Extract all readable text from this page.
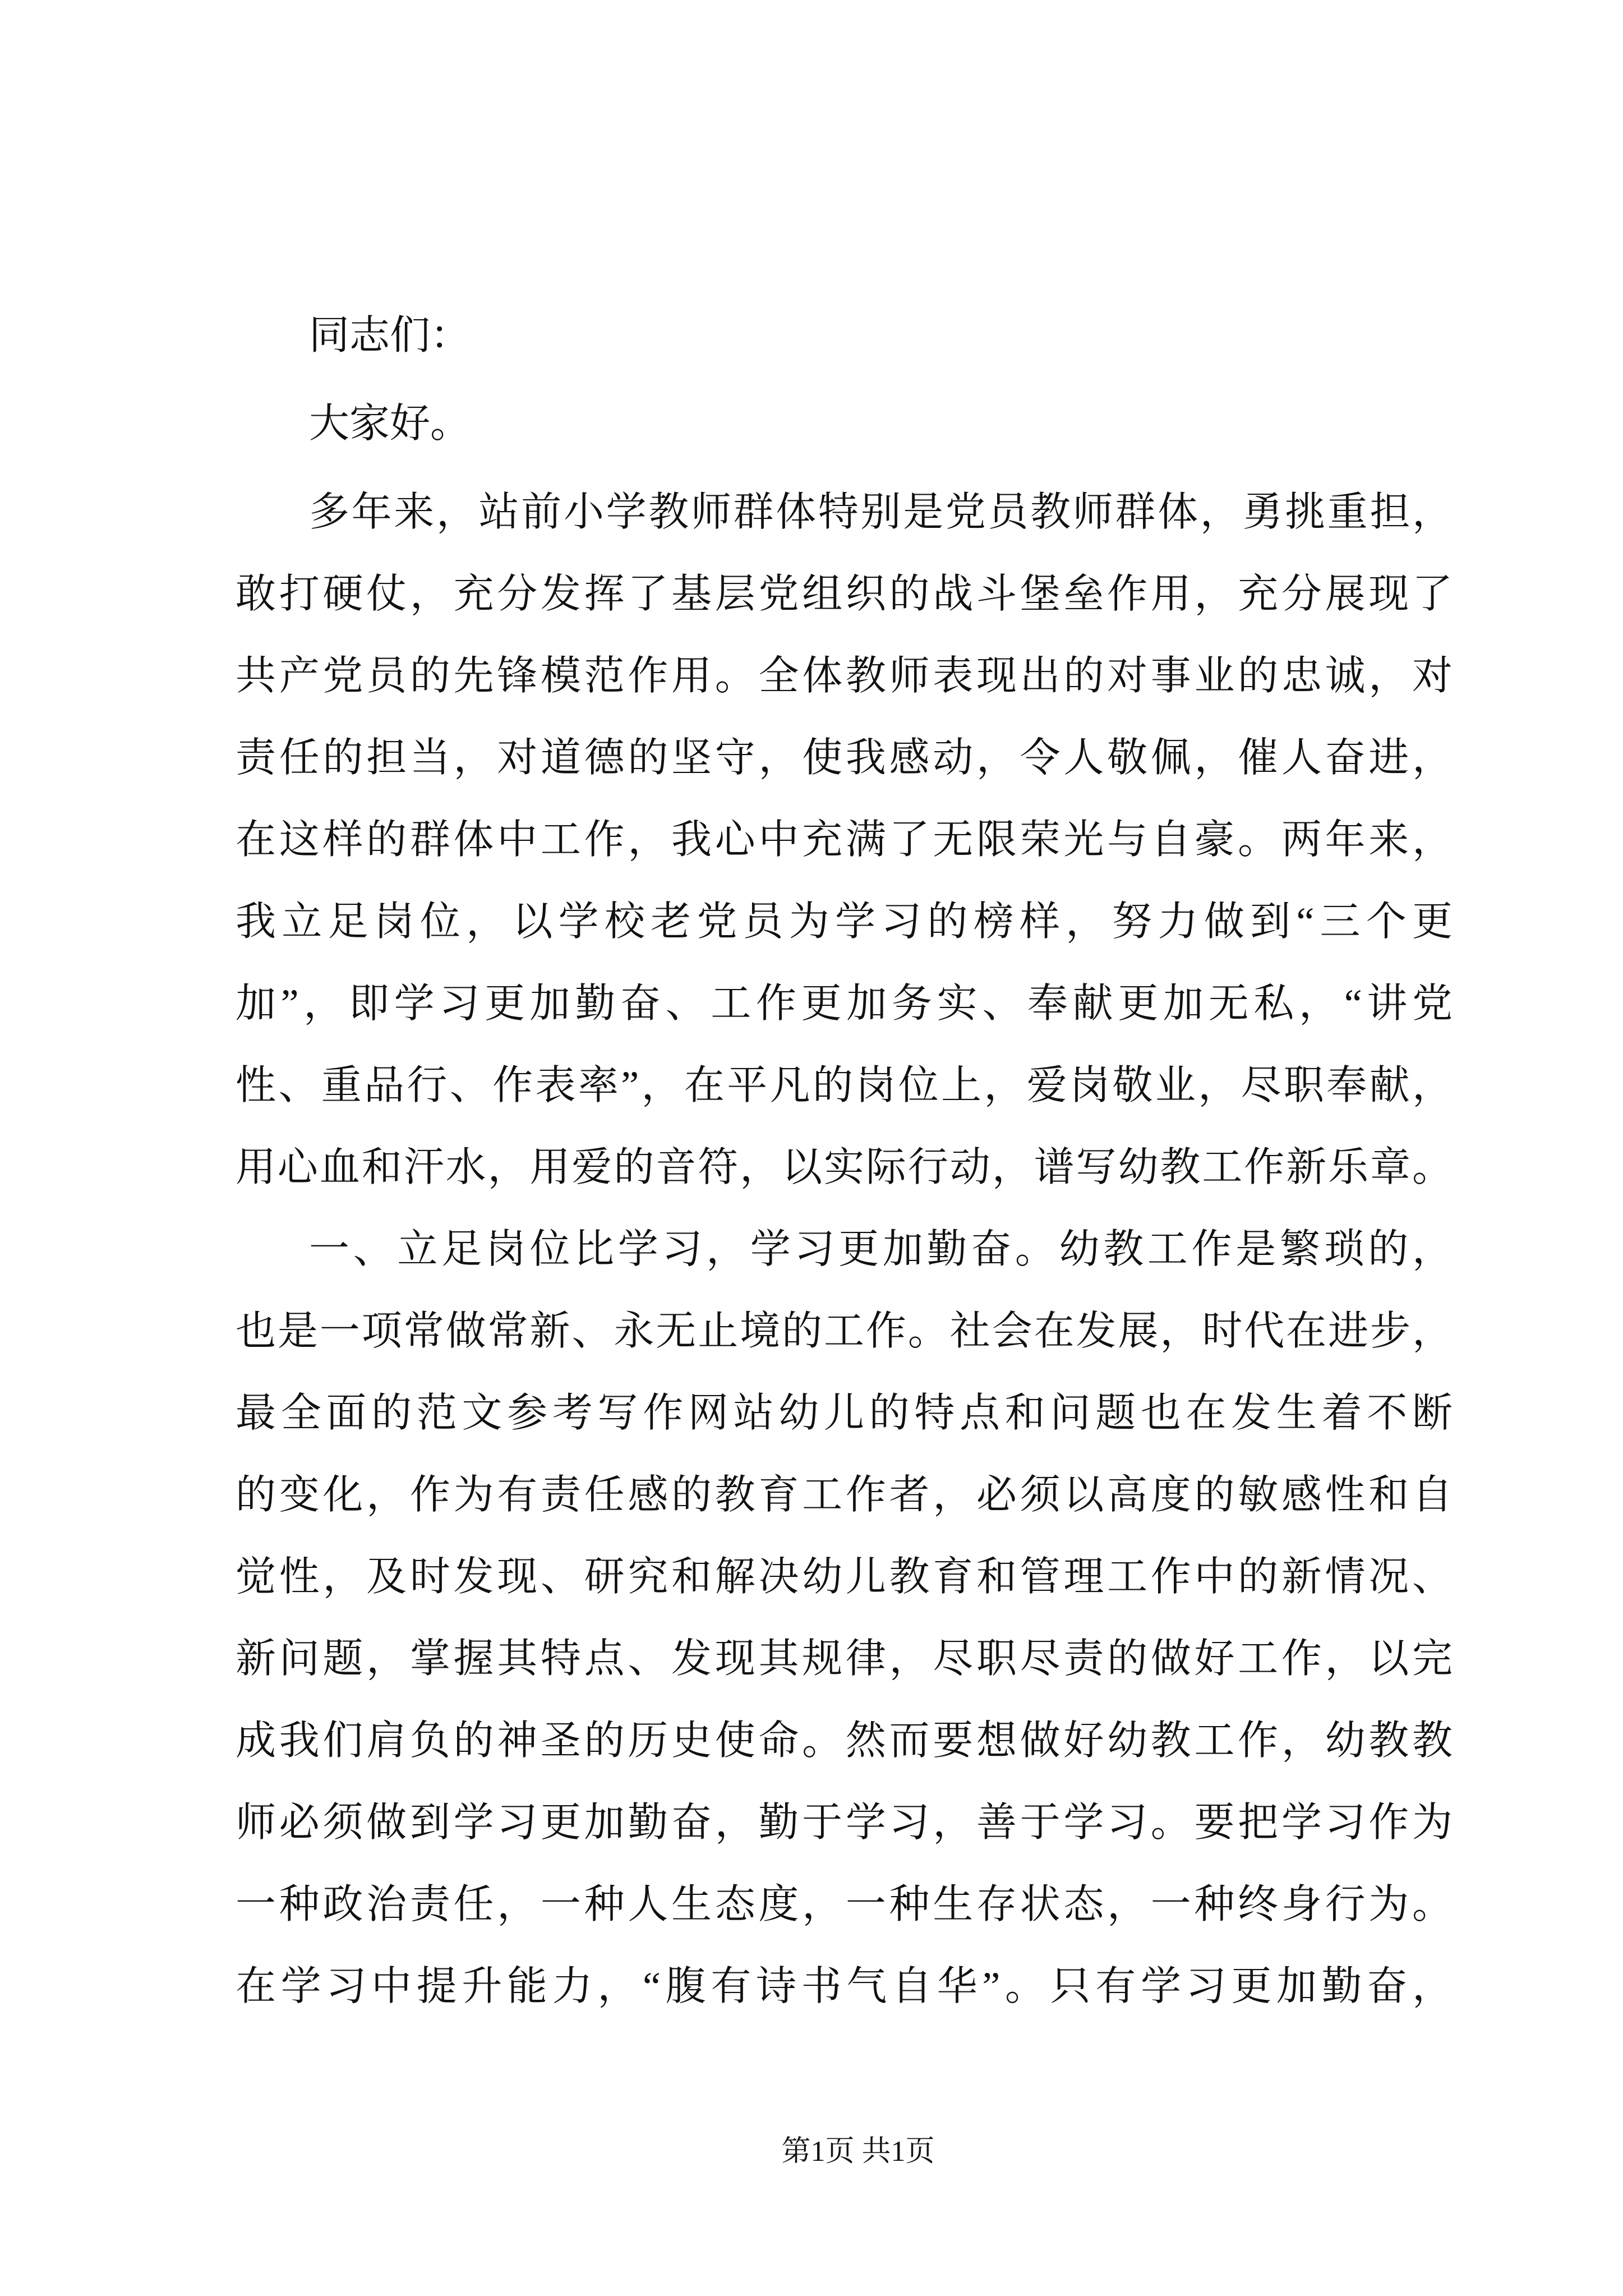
同志们：
大家好。
多年来，站前小学教师群体特别是党员教师群体，勇挑重担，
敢打硬仗，充分发挥了基层党组织的战斗堡垒作用，充分展现了
共产党员的先锋模范作用。全体教师表现出的对事业的忠诚，对
责任的担当，对道德的坚守，使我感动，令人敬佩，催人奋进，
在这样的群体中工作，我心中充满了无限荣光与自豪。两年来，
我立足岗位，以学校老党员为学习的榜样，努力做到“三个更
加”，即学习更加勤奋、工作更加务实、奉献更加无私，“讲党
性、重品行、作表率”，在平凡的岗位上，爱岗敬业，尽职奉献，
用心血和汗水，用爱的音符，以实际行动，谱写幼教工作新乐章。
一、立足岗位比学习，学习更加勤奋。幼教工作是繁琐的，
也是一项常做常新、永无止境的工作。社会在发展，时代在进步，
最全面的范文参考写作网站幼儿的特点和问题也在发生着不断
的变化，作为有责任感的教育工作者，必须以高度的敏感性和自
觉性，及时发现、研究和解决幼儿教育和管理工作中的新情况、
新问题，掌握其特点、发现其规律，尽职尽责的做好工作，以完
成我们肩负的神圣的历史使命。然而要想做好幼教工作，幼教教
师必须做到学习更加勤奋，勤于学习，善于学习。要把学习作为
一种政治责任，一种人生态度，一种生存状态，一种终身行为。
在学习中提升能力，“腹有诗书气自华”。只有学习更加勤奋，
第1页 共1页
